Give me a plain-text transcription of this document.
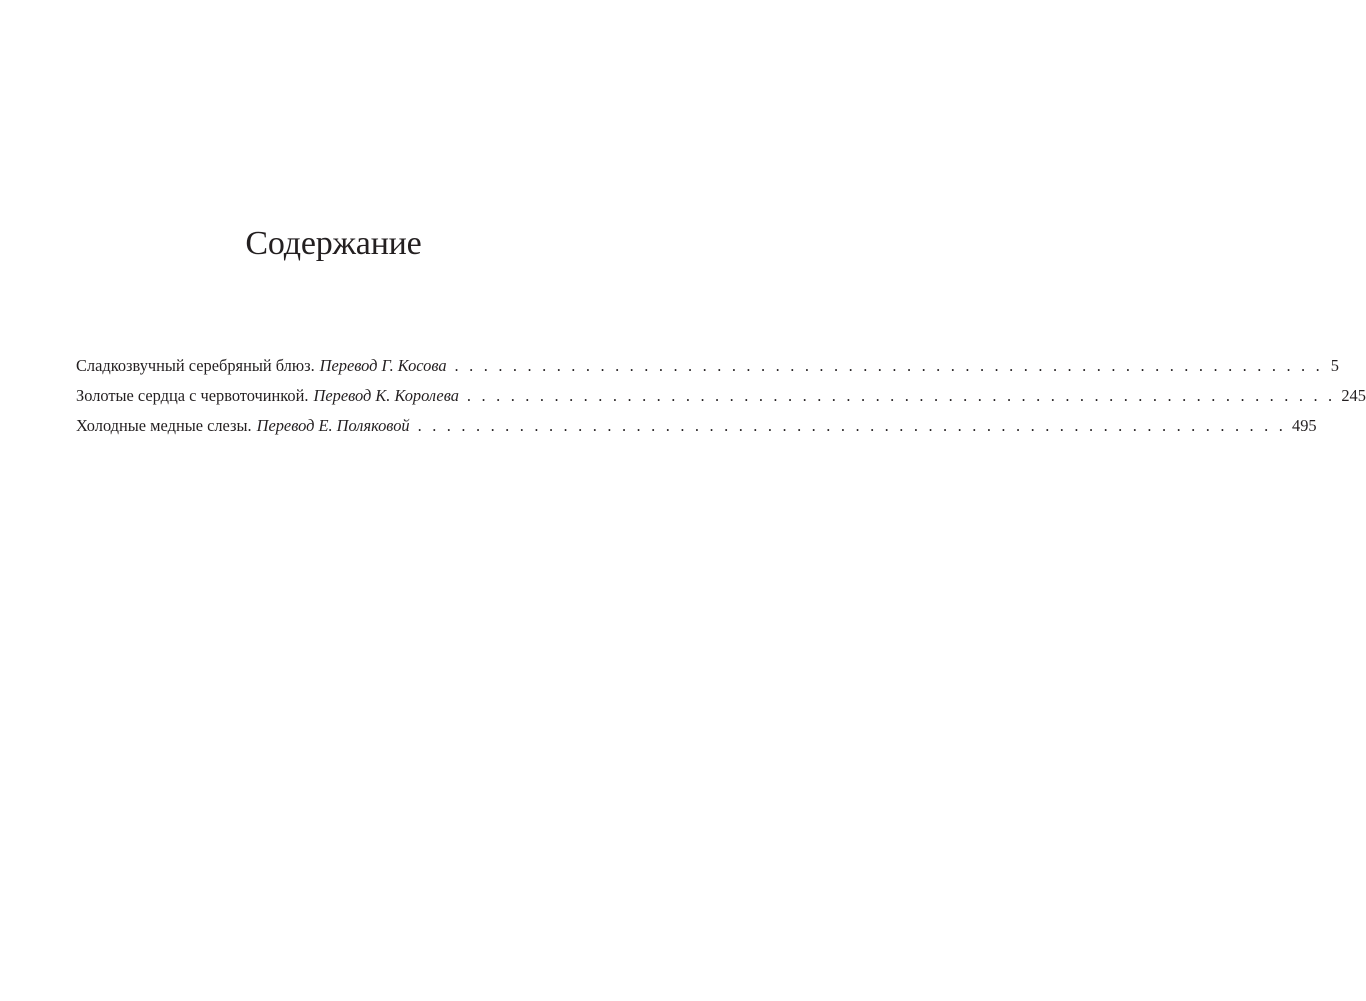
Содержание
Сладкозвучный серебряный блюз. Перевод Г. Косова . . . . . . . . . . . . . . . . . . . . . . . . . . . . . . . . . . . . . . . . . . . . . . . . . . . . . . . . . . . . 5
Золотые сердца с червоточинкой. Перевод К. Королева . . . . . . . . . . . . . . . . . . . . . . . . . . . . . . . . . . . . . . . . . . . . . . . . . . . . . . . . . . . . 245
Холодные медные слезы. Перевод Е. Поляковой . . . . . . . . . . . . . . . . . . . . . . . . . . . . . . . . . . . . . . . . . . . . . . . . . . . . . . . . . . . . 495
